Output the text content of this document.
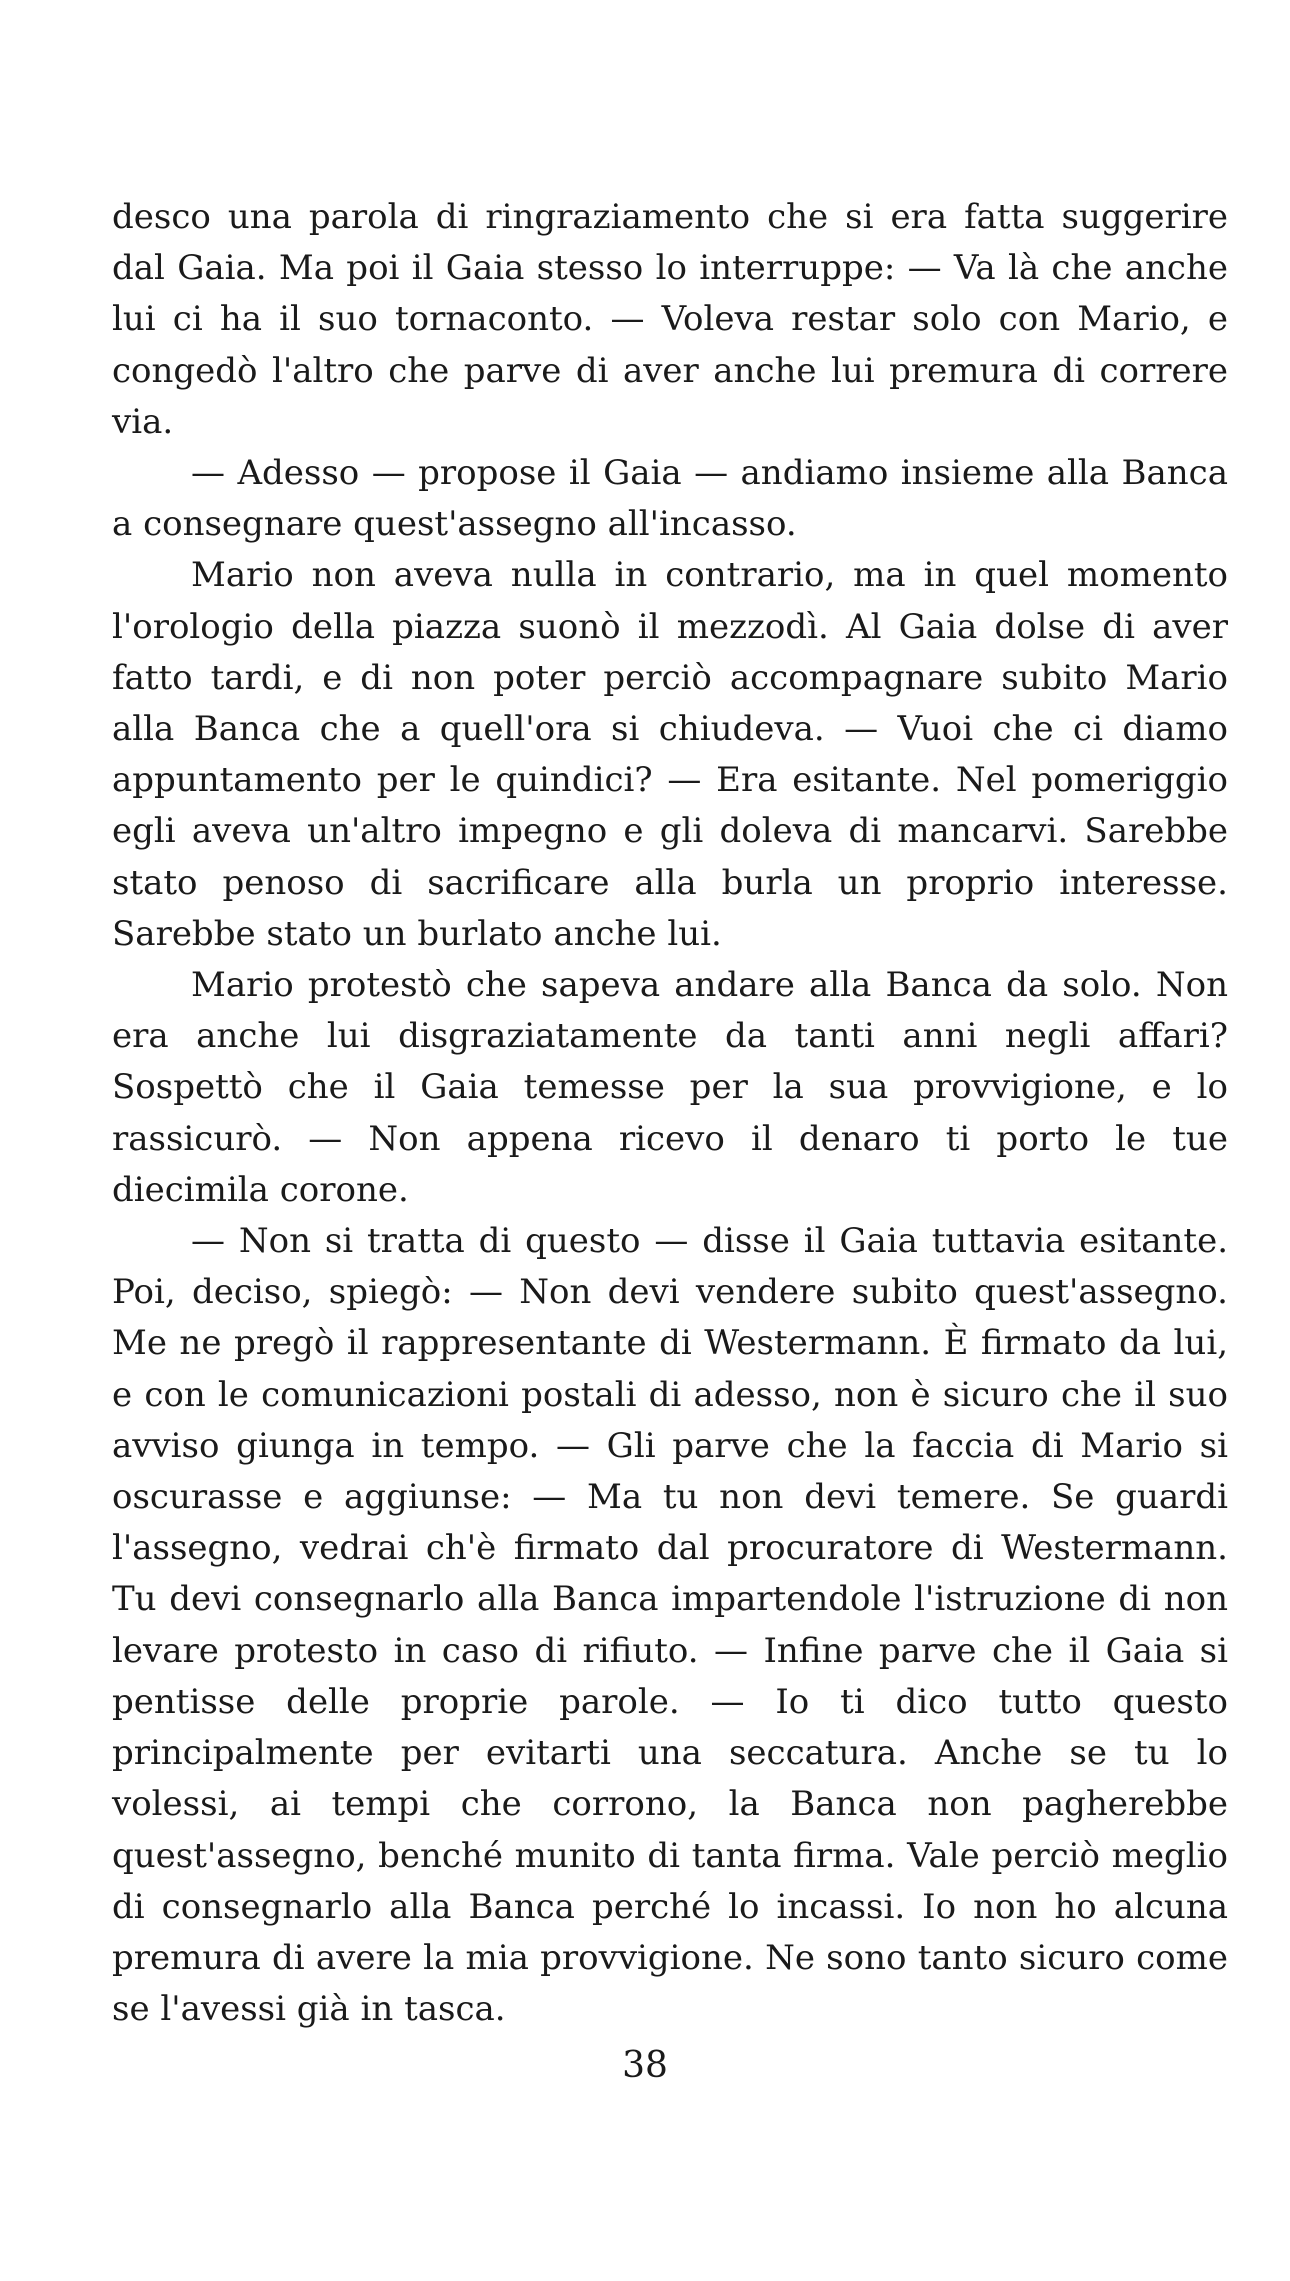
desco una parola di ringraziamento che si era fatta suggerire dal Gaia. Ma poi il Gaia stesso lo interruppe: — Va là che anche lui ci ha il suo tornaconto. — Voleva restar solo con Mario, e congedò l'altro che parve di aver anche lui premura di correre via.

— Adesso — propose il Gaia — andiamo insieme alla Banca a consegnare quest'assegno all'incasso.

Mario non aveva nulla in contrario, ma in quel momento l'orologio della piazza suonò il mezzodì. Al Gaia dolse di aver fatto tardi, e di non poter perciò accompagnare subito Mario alla Banca che a quell'ora si chiudeva. — Vuoi che ci diamo appuntamento per le quindici? — Era esitante. Nel pomeriggio egli aveva un'altro impegno e gli doleva di mancarvi. Sarebbe stato penoso di sacrificare alla burla un proprio interesse. Sarebbe stato un burlato anche lui.

Mario protestò che sapeva andare alla Banca da solo. Non era anche lui disgraziatamente da tanti anni negli affari? Sospettò che il Gaia temesse per la sua provvigione, e lo rassicurò. — Non appena ricevo il denaro ti porto le tue diecimila corone.

— Non si tratta di questo — disse il Gaia tuttavia esitante. Poi, deciso, spiegò: — Non devi vendere subito quest'assegno. Me ne pregò il rappresentante di Westermann. È firmato da lui, e con le comunicazioni postali di adesso, non è sicuro che il suo avviso giunga in tempo. — Gli parve che la faccia di Mario si oscurasse e aggiunse: — Ma tu non devi temere. Se guardi l'assegno, vedrai ch'è firmato dal procuratore di Westermann. Tu devi consegnarlo alla Banca impartendole l'istruzione di non levare protesto in caso di rifiuto. — Infine parve che il Gaia si pentisse delle proprie parole. — Io ti dico tutto questo principalmente per evitarti una seccatura. Anche se tu lo volessi, ai tempi che corrono, la Banca non pagherebbe quest'assegno, benché munito di tanta firma. Vale perciò meglio di consegnarlo alla Banca perché lo incassi. Io non ho alcuna premura di avere la mia provvigione. Ne sono tanto sicuro come se l'avessi già in tasca.

38
